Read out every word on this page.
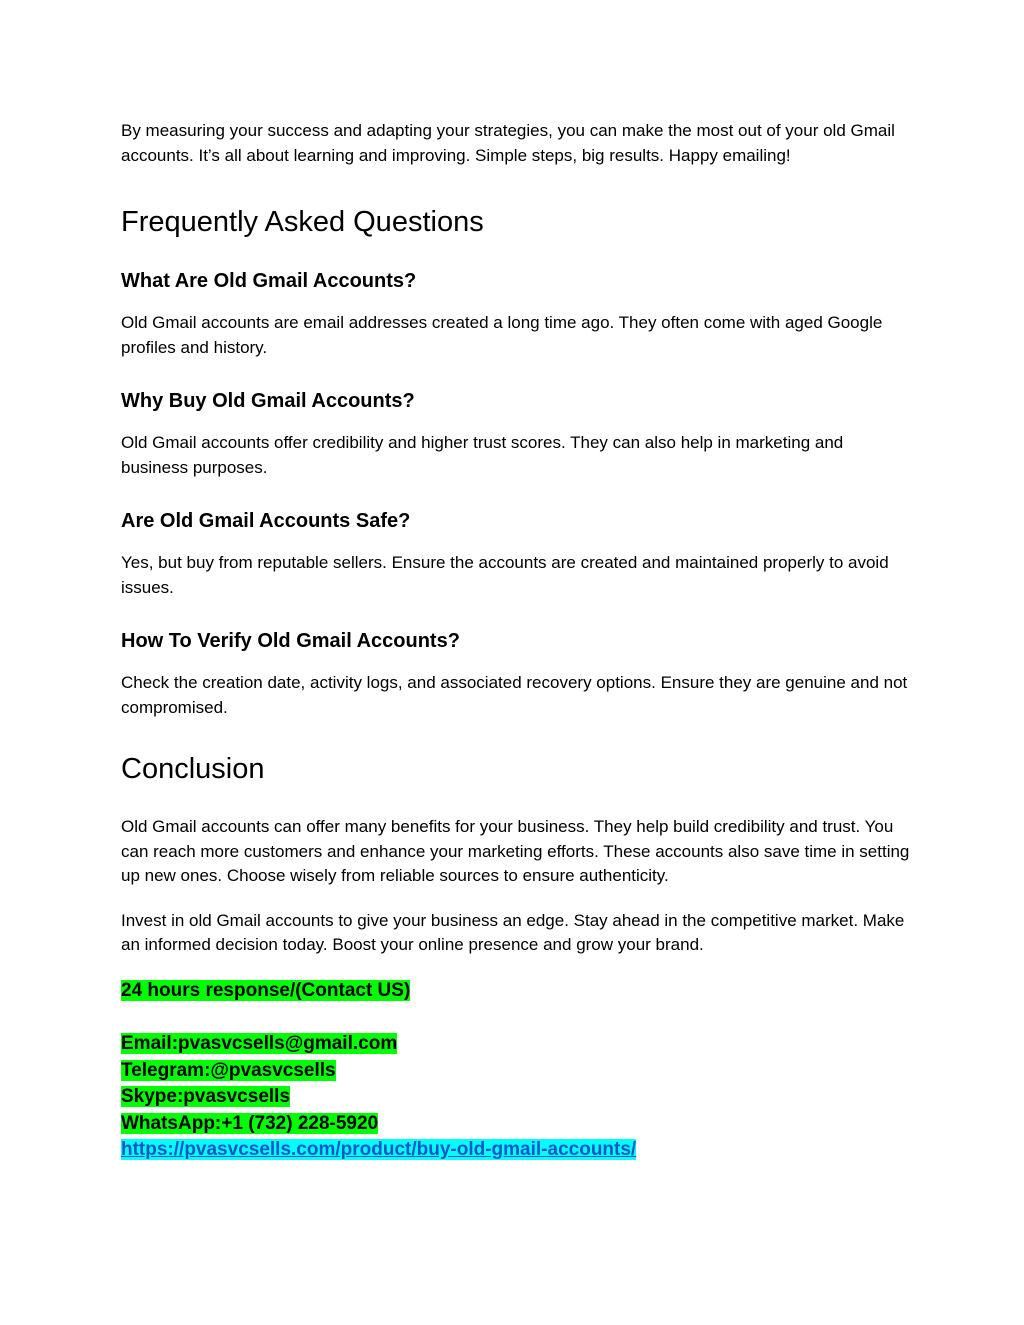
By measuring your success and adapting your strategies, you can make the most out of your old Gmail accounts. It’s all about learning and improving. Simple steps, big results. Happy emailing!

Frequently Asked Questions
What Are Old Gmail Accounts?

Old Gmail accounts are email addresses created a long time ago. They often come with aged Google profiles and history.

Why Buy Old Gmail Accounts?

Old Gmail accounts offer credibility and higher trust scores. They can also help in marketing and business purposes.

Are Old Gmail Accounts Safe?

Yes, but buy from reputable sellers. Ensure the accounts are created and maintained properly to avoid issues.

How To Verify Old Gmail Accounts?

Check the creation date, activity logs, and associated recovery options. Ensure they are genuine and not compromised.

Conclusion

Old Gmail accounts can offer many benefits for your business. They help build credibility and trust. You can reach more customers and enhance your marketing efforts. These accounts also save time in setting up new ones. Choose wisely from reliable sources to ensure authenticity.

Invest in old Gmail accounts to give your business an edge. Stay ahead in the competitive market. Make an informed decision today. Boost your online presence and grow your brand.

24 hours response/(Contact US)
Email:pvasvcsells@gmail.com
Telegram:@pvasvcsells
Skype:pvasvcsells
WhatsApp:+1 (732) 228-5920
https://pvasvcsells.com/product/buy-old-gmail-accounts/
